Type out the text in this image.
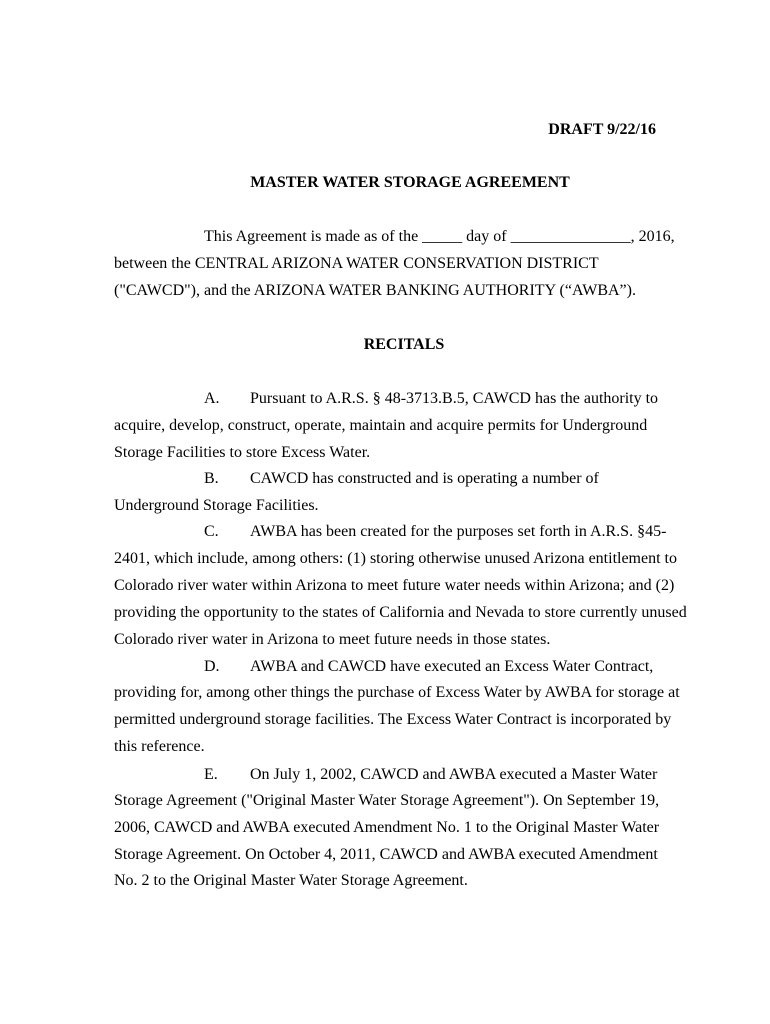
DRAFT 9/22/16

MASTER WATER STORAGE AGREEMENT

This Agreement is made as of the _____ day of _______________, 2016,

between the CENTRAL ARIZONA WATER CONSERVATION DISTRICT

("CAWCD"), and the ARIZONA WATER BANKING AUTHORITY (“AWBA”).

RECITALS

A. Pursuant to A.R.S. § 48-3713.B.5, CAWCD has the authority to

acquire, develop, construct, operate, maintain and acquire permits for Underground

Storage Facilities to store Excess Water.

B. CAWCD has constructed and is operating a number of

Underground Storage Facilities.

C. AWBA has been created for the purposes set forth in A.R.S. §45-

2401, which include, among others: (1) storing otherwise unused Arizona entitlement to

Colorado river water within Arizona to meet future water needs within Arizona; and (2)

providing the opportunity to the states of California and Nevada to store currently unused

Colorado river water in Arizona to meet future needs in those states.

D. AWBA and CAWCD have executed an Excess Water Contract,

providing for, among other things the purchase of Excess Water by AWBA for storage at

permitted underground storage facilities. The Excess Water Contract is incorporated by

this reference.

E. On July 1, 2002, CAWCD and AWBA executed a Master Water

Storage Agreement ("Original Master Water Storage Agreement"). On September 19,

2006, CAWCD and AWBA executed Amendment No. 1 to the Original Master Water

Storage Agreement. On October 4, 2011, CAWCD and AWBA executed Amendment

No. 2 to the Original Master Water Storage Agreement.
